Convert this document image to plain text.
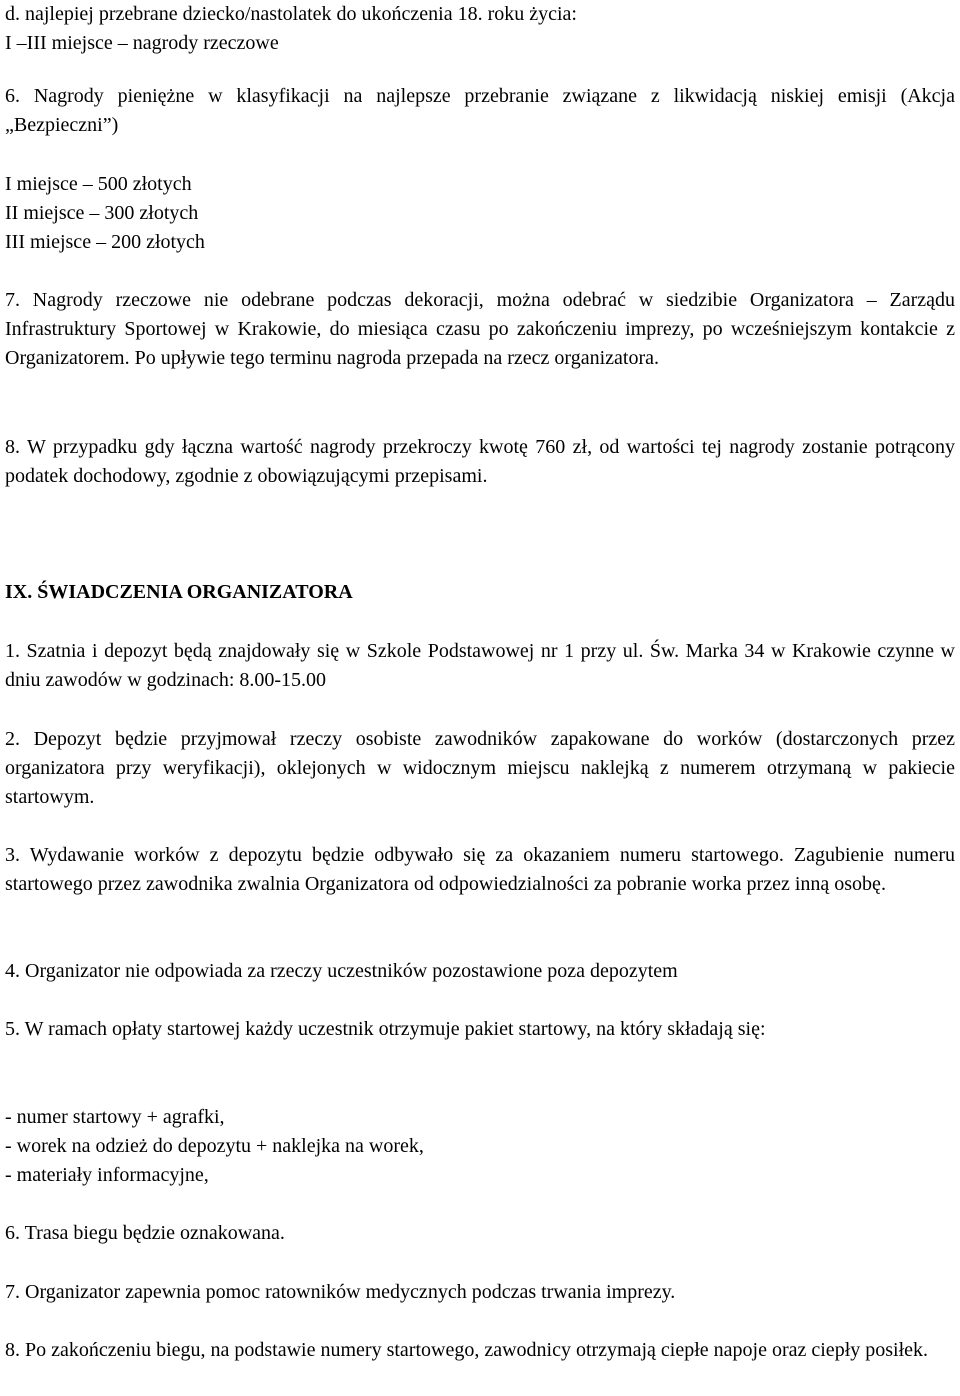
d. najlepiej przebrane dziecko/nastolatek do ukończenia 18. roku życia:
I –III miejsce – nagrody rzeczowe

6. Nagrody pieniężne w klasyfikacji na najlepsze przebranie związane z likwidacją niskiej emisji (Akcja „Bezpieczni”)

I miejsce – 500 złotych
II miejsce – 300 złotych
III miejsce – 200 złotych

7. Nagrody rzeczowe nie odebrane podczas dekoracji, można odebrać w siedzibie Organizatora – Zarządu Infrastruktury Sportowej w Krakowie, do miesiąca czasu po zakończeniu imprezy, po wcześniejszym kontakcie z Organizatorem. Po upływie tego terminu nagroda przepada na rzecz organizatora.

8. W przypadku gdy łączna wartość nagrody przekroczy kwotę 760 zł, od wartości tej nagrody zostanie potrącony podatek dochodowy, zgodnie z obowiązującymi przepisami.

IX. ŚWIADCZENIA ORGANIZATORA

1. Szatnia i depozyt będą znajdowały się w Szkole Podstawowej nr 1 przy ul. Św. Marka 34 w Krakowie czynne w dniu zawodów w godzinach: 8.00-15.00

2. Depozyt będzie przyjmował rzeczy osobiste zawodników zapakowane do worków (dostarczonych przez organizatora przy weryfikacji), oklejonych w widocznym miejscu naklejką z numerem otrzymaną w pakiecie startowym.

3. Wydawanie worków z depozytu będzie odbywało się za okazaniem numeru startowego. Zagubienie numeru startowego przez zawodnika zwalnia Organizatora od odpowiedzialności za pobranie worka przez inną osobę.

4. Organizator nie odpowiada za rzeczy uczestników pozostawione poza depozytem

5. W ramach opłaty startowej każdy uczestnik otrzymuje pakiet startowy, na który składają się:

- numer startowy + agrafki,
- worek na odzież do depozytu + naklejka na worek,
- materiały informacyjne,

6. Trasa biegu będzie oznakowana.

7. Organizator zapewnia pomoc ratowników medycznych podczas trwania imprezy.

8. Po zakończeniu biegu, na podstawie numery startowego, zawodnicy otrzymają ciepłe napoje oraz ciepły posiłek.
